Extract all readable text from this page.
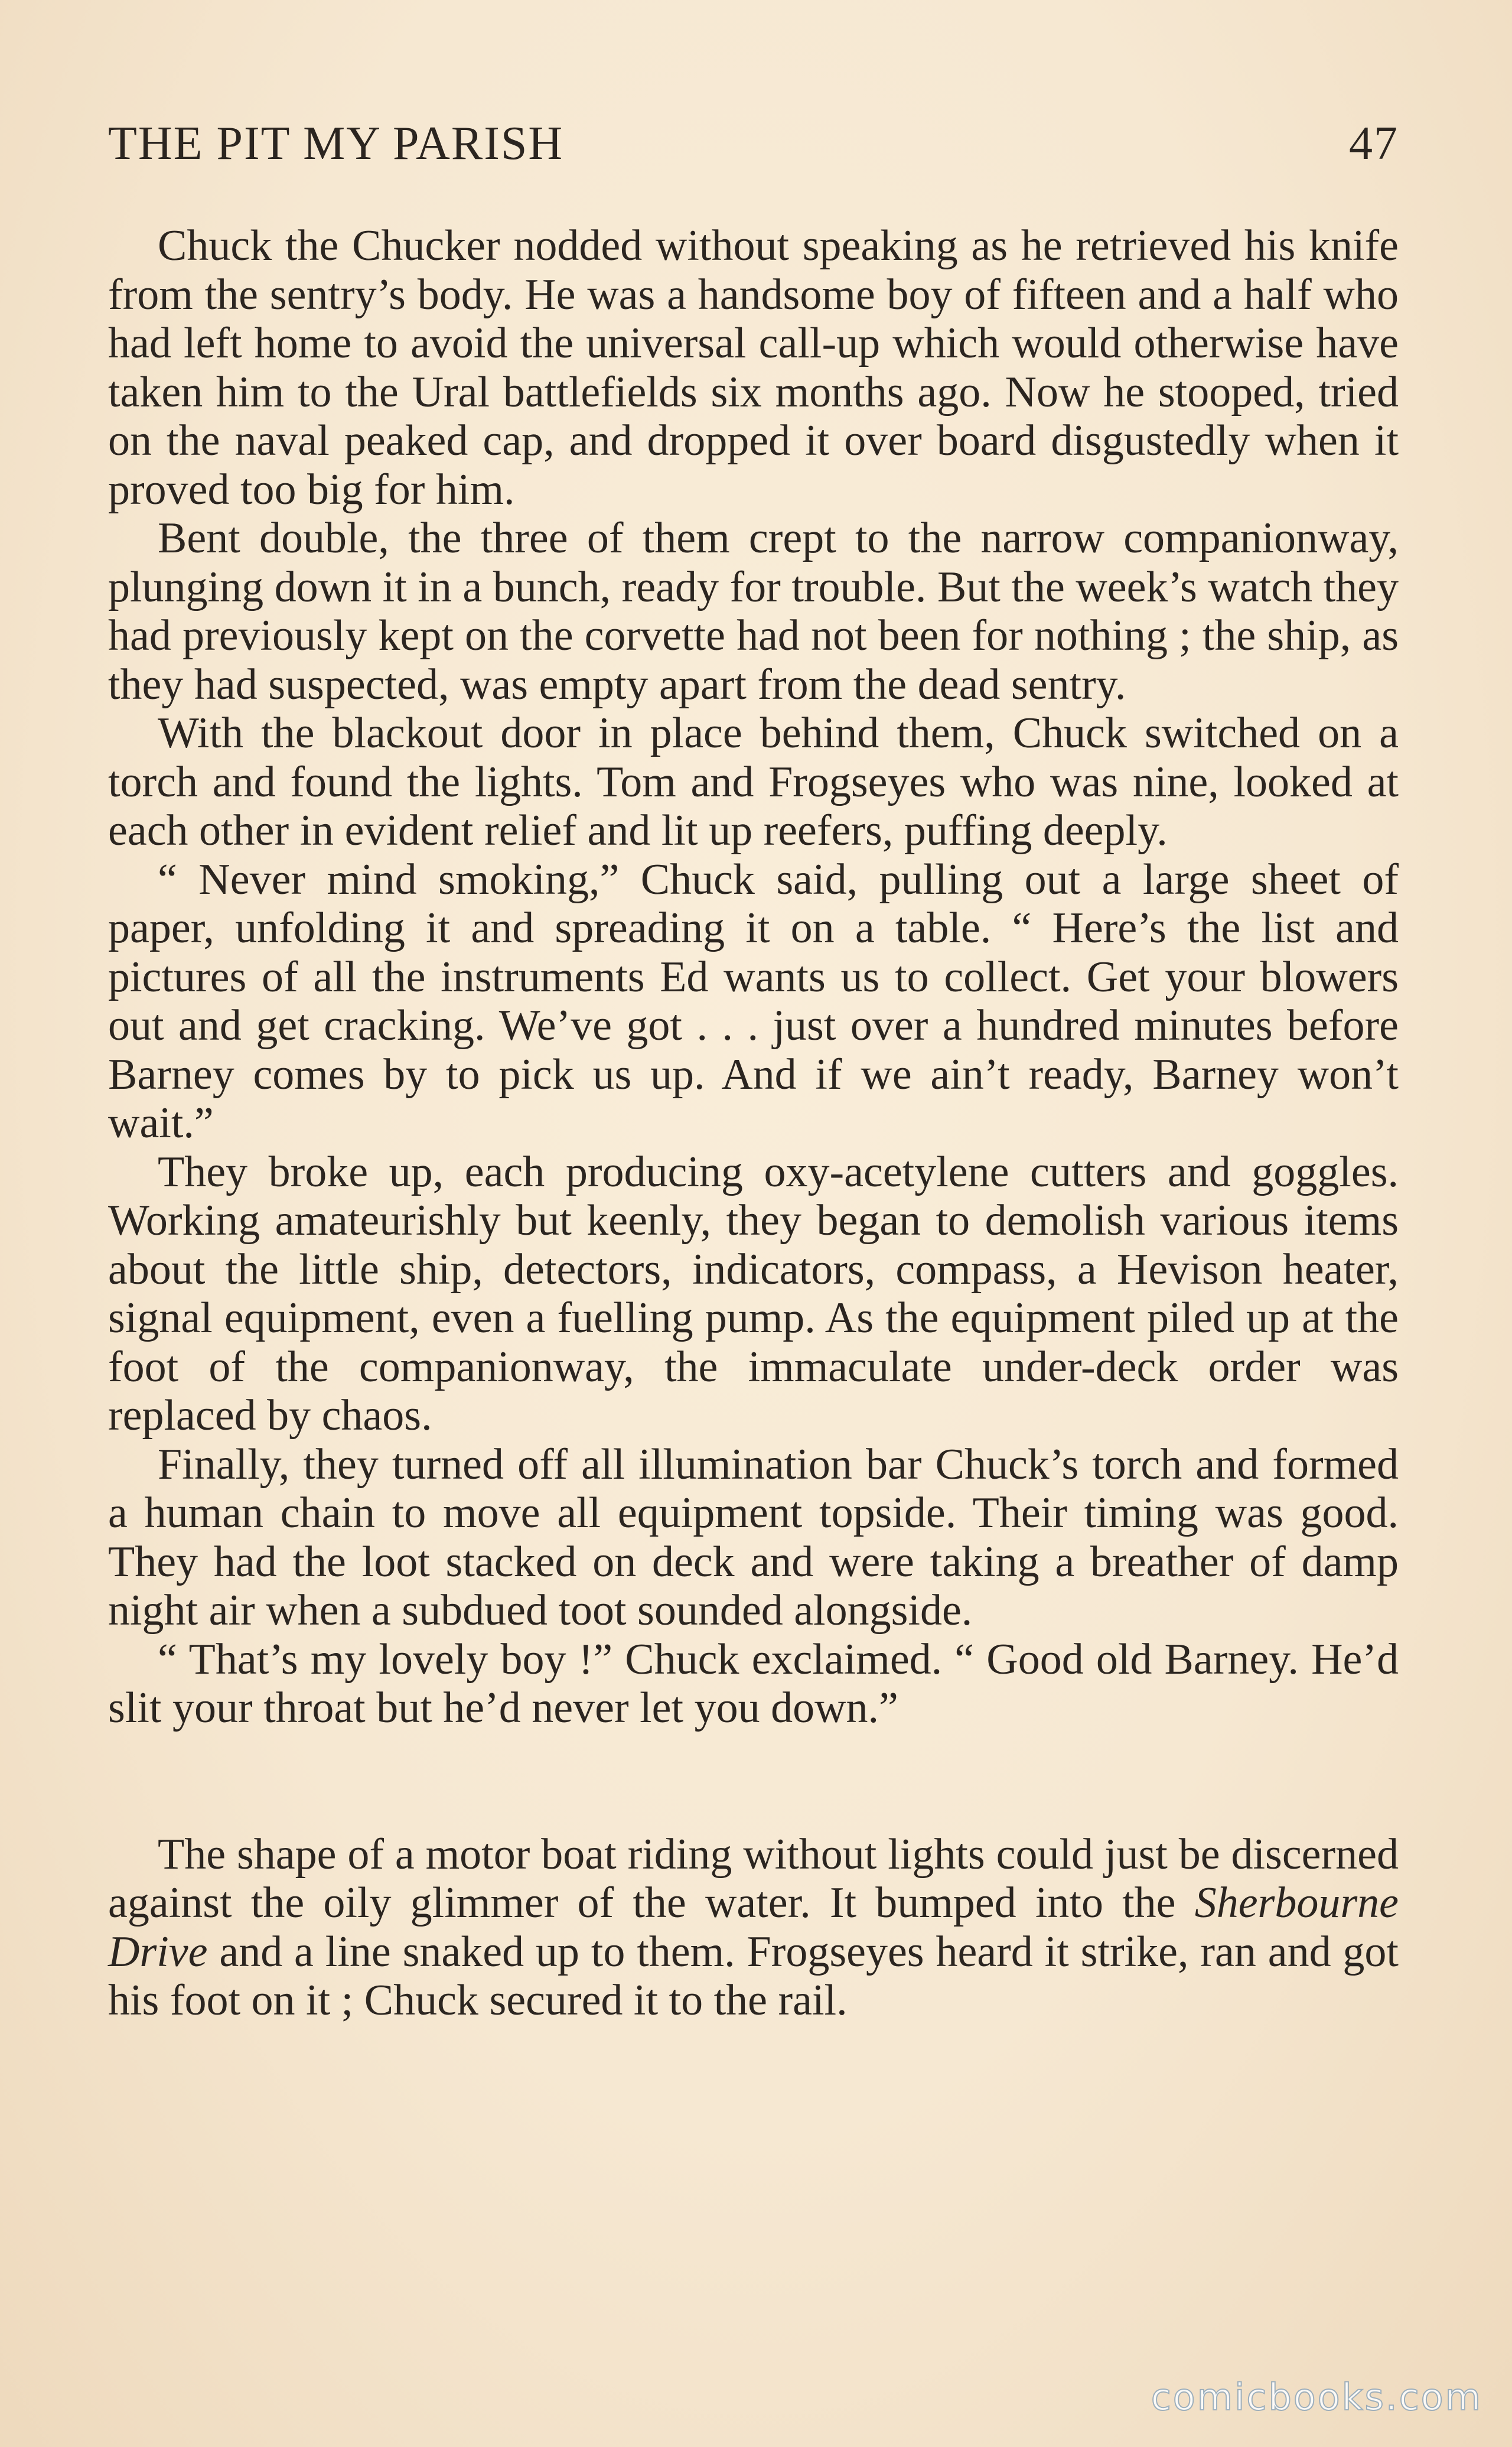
THE PIT MY PARISH	47

Chuck the Chucker nodded without speaking as he retrieved his knife from the sentry’s body. He was a handsome boy of fifteen and a half who had left home to avoid the universal call-up which would otherwise have taken him to the Ural battlefields six months ago. Now he stooped, tried on the naval peaked cap, and dropped it over board disgustedly when it proved too big for him.

Bent double, the three of them crept to the narrow companionway, plunging down it in a bunch, ready for trouble. But the week’s watch they had previously kept on the corvette had not been for nothing ; the ship, as they had suspected, was empty apart from the dead sentry.

With the blackout door in place behind them, Chuck switched on a torch and found the lights. Tom and Frogseyes who was nine, looked at each other in evident relief and lit up reefers, puffing deeply.

“ Never mind smoking,” Chuck said, pulling out a large sheet of paper, unfolding it and spreading it on a table. “ Here’s the list and pictures of all the instruments Ed wants us to collect. Get your blowers out and get cracking. We’ve got . . . just over a hundred minutes before Barney comes by to pick us up. And if we ain’t ready, Barney won’t wait.”

They broke up, each producing oxy-acetylene cutters and goggles. Working amateurishly but keenly, they began to demolish various items about the little ship, detectors, indicators, compass, a Hevison heater, signal equipment, even a fuelling pump. As the equipment piled up at the foot of the companionway, the immaculate under-deck order was replaced by chaos.

Finally, they turned off all illumination bar Chuck’s torch and formed a human chain to move all equipment topside. Their timing was good. They had the loot stacked on deck and were taking a breather of damp night air when a subdued toot sounded alongside.

“ That’s my lovely boy !” Chuck exclaimed. “ Good old Barney. He’d slit your throat but he’d never let you down.”

The shape of a motor boat riding without lights could just be discerned against the oily glimmer of the water. It bumped into the Sherbourne Drive and a line snaked up to them. Frogseyes heard it strike, ran and got his foot on it ; Chuck secured it to the rail.

comicbooks.com
